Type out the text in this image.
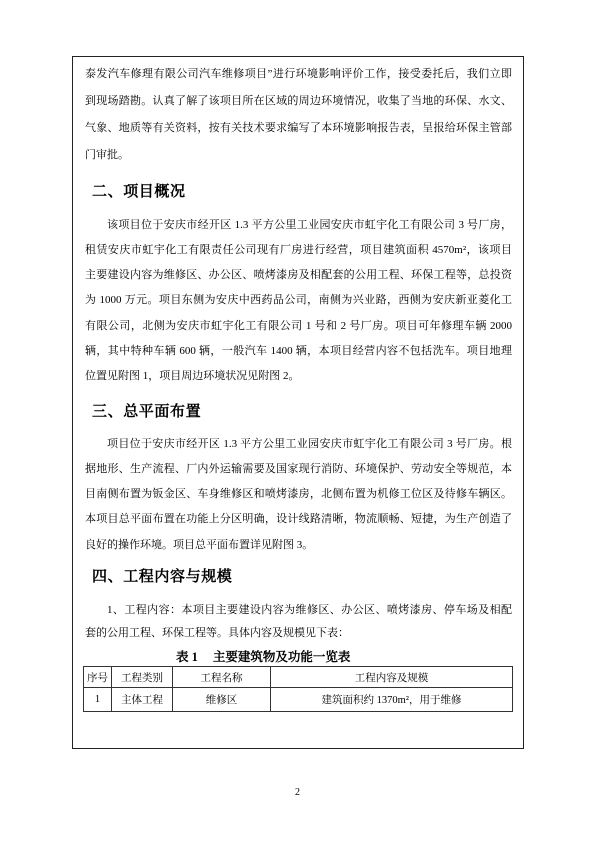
泰发汽车修理有限公司汽车维修项目”进行环境影响评价工作，接受委托后，我们立即
到现场踏勘。认真了解了该项目所在区域的周边环境情况，收集了当地的环保、水文、
气象、地质等有关资料，按有关技术要求编写了本环境影响报告表，呈报给环保主管部
门审批。
二、项目概况
该项目位于安庆市经开区 1.3 平方公里工业园安庆市虹宇化工有限公司 3 号厂房，
租赁安庆市虹宇化工有限责任公司现有厂房进行经营，项目建筑面积 4570m²，该项目
主要建设内容为维修区、办公区、喷烤漆房及相配套的公用工程、环保工程等，总投资
为 1000 万元。项目东侧为安庆中西药品公司，南侧为兴业路，西侧为安庆新亚菱化工
有限公司，北侧为安庆市虹宇化工有限公司 1 号和 2 号厂房。项目可年修理车辆 2000
辆，其中特种车辆 600 辆，一般汽车 1400 辆，本项目经营内容不包括洗车。项目地理
位置见附图 1，项目周边环境状况见附图 2。
三、总平面布置
项目位于安庆市经开区 1.3 平方公里工业园安庆市虹宇化工有限公司 3 号厂房。根
据地形、生产流程、厂内外运输需要及国家现行消防、环境保护、劳动安全等规范，本
目南侧布置为钣金区、车身维修区和喷烤漆房，北侧布置为机修工位区及待修车辆区。
本项目总平面布置在功能上分区明确，设计线路清晰，物流顺畅、短捷，为生产创造了
良好的操作环境。项目总平面布置详见附图 3。
四、工程内容与规模
1、工程内容：本项目主要建设内容为维修区、办公区、喷烤漆房、停车场及相配
套的公用工程、环保工程等。具体内容及规模见下表：
表 1 主要建筑物及功能一览表
序号	工程类别	工程名称	工程内容及规模
1	主体工程	维修区	建筑面积约 1370m²，用于维修
2
